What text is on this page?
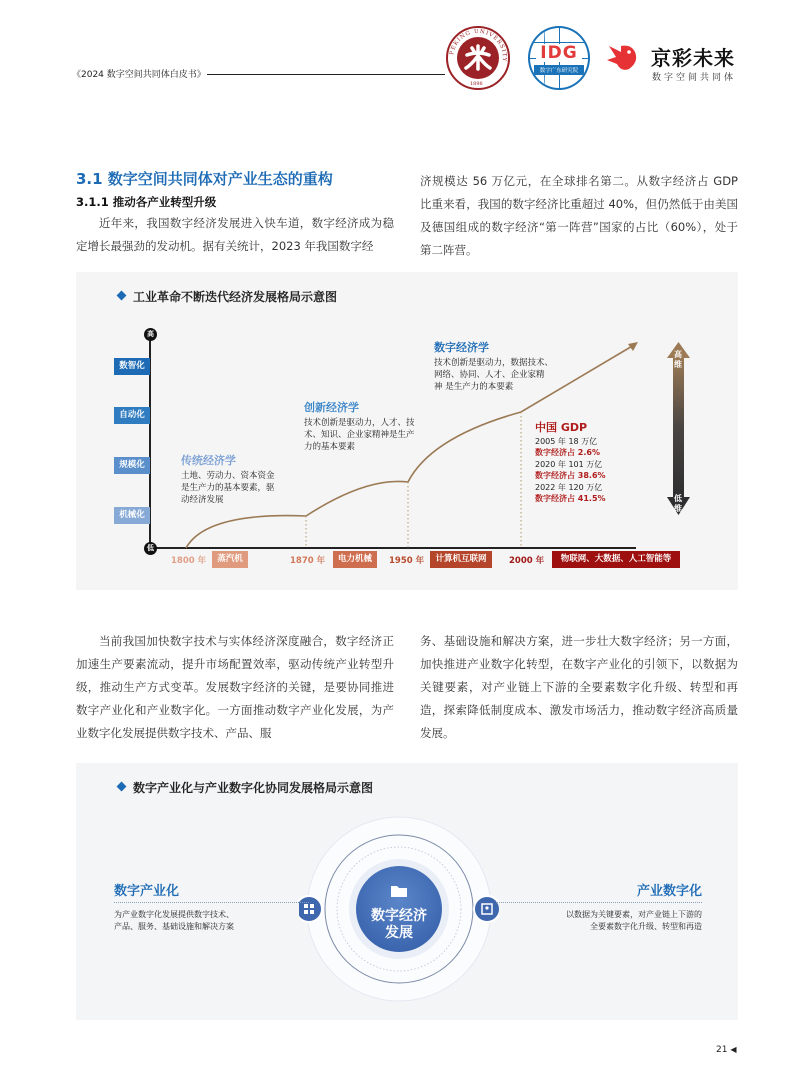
《2024 数字空间共同体白皮书》
PEKING UNIVERSITY
1898
IDG
数字广东研究院
京彩未来
数字空间共同体
3.1 数字空间共同体对产业生态的重构
3.1.1 推动各产业转型升级
近年来，我国数字经济发展进入快车道，数字经济成为稳定增长最强劲的发动机。据有关统计，2023 年我国数字经
济规模达 56 万亿元，在全球排名第二。从数字经济占 GDP 比重来看，我国的数字经济比重超过 40%，但仍然低于由美国及德国组成的数字经济“第一阵营”国家的占比（60%），处于第二阵营。
工业革命不断迭代经济发展格局示意图
高
低
数智化
自动化
规模化
机械化
传统经济学
土地、劳动力、资本资金
是生产力的基本要素，驱
动经济发展
创新经济学
技术创新是驱动力，人才、技
术、知识、企业家精神是生产
力的基本要素
数字经济学
技术创新是驱动力，数据技术、
网络、协同、人才、企业家精
神 是生产力的本要素
中国 GDP
2005 年 18 万亿
数字经济占 2.6%
2020 年 101 万亿
数字经济占 38.6%
2022 年 120 万亿
数字经济占 41.5%
高维
低维
1800 年	蒸汽机	1870 年	电力机械	1950 年	计算机互联网	2000 年	物联网、大数据、人工智能等
当前我国加快数字技术与实体经济深度融合，数字经济正加速生产要素流动，提升市场配置效率，驱动传统产业转型升级，推动生产方式变革。发展数字经济的关键，是要协同推进数字产业化和产业数字化。一方面推动数字产业化发展，为产业数字化发展提供数字技术、产品、服
务、基础设施和解决方案，进一步壮大数字经济；另一方面，加快推进产业数字化转型，在数字产业化的引领下，以数据为关键要素，对产业链上下游的全要素数字化升级、转型和再造，探索降低制度成本、激发市场活力，推动数字经济高质量发展。
数字产业化与产业数字化协同发展格局示意图
数字经济
发展
数字产业化
为产业数字化发展提供数字技术、
产品、服务、基础设施和解决方案
产业数字化
以数据为关键要素，对产业链上下游的
全要素数字化升级、转型和再造
21 ◀
